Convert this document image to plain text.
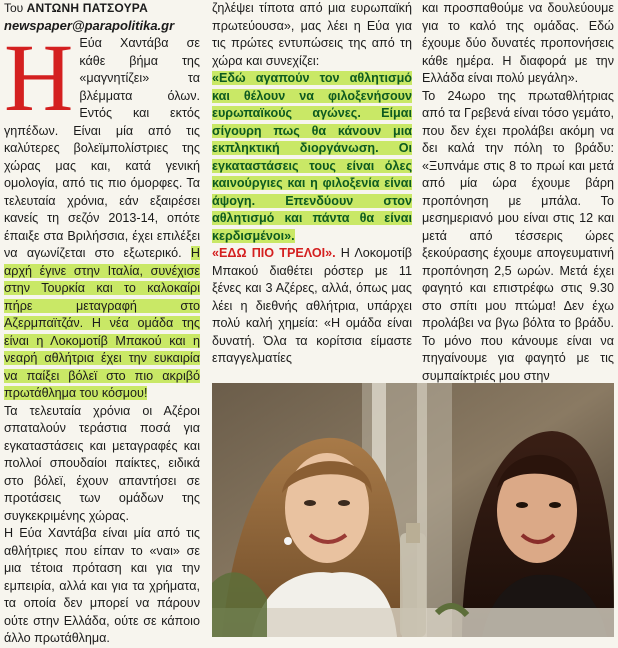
Του ΑΝΤΩΝΗ ΠΑΤΣΟΥΡΑ

newspaper@parapolitika.gr

Η Εύα Χαντάβα σε κάθε βήμα της «μαγνητίζει» τα βλέμματα όλων. Εντός και εκτός γηπέδων. Είναι μία από τις καλύτερες βολεϊμπολίστριες της χώρας μας και, κατά γενική ομολογία, από τις πιο όμορφες. Τα τελευταία χρόνια, εάν εξαιρέσει κανείς τη σεζόν 2013-14, οπότε έπαιξε στα Βριλήσσια, έχει επιλέξει να αγωνίζεται στο εξωτερικό. Η αρχή έγινε στην Ιταλία, συνέχισε στην Τουρκία και το καλοκαίρι πήρε μεταγραφή στο Αζερμπαϊτζάν. Η νέα ομάδα της είναι η Λοκομοτίβ Μπακού και η νεαρή αθλήτρια έχει την ευκαιρία να παίξει βόλεϊ στο πιο ακριβό πρωτάθλημα του κόσμου!

Τα τελευταία χρόνια οι Αζέροι σπαταλούν τεράστια ποσά για εγκαταστάσεις και μεταγραφές και πολλοί σπουδαίοι παίκτες, ειδικά στο βόλεϊ, έχουν απαντήσει σε προτάσεις των ομάδων της συγκεκριμένης χώρας.

Η Εύα Χαντάβα είναι μία από τις αθλήτριες που είπαν το «ναι» σε μια τέτοια πρόταση και για την εμπειρία, αλλά και για τα χρήματα, τα οποία δεν μπορεί να πάρουν ούτε στην Ελλάδα, ούτε σε κάποιο άλλο πρωτάθλημα.

ζηλέψει τίποτα από μια ευρωπαϊκή πρωτεύουσα», μας λέει η Εύα για τις πρώτες εντυπώσεις της από τη χώρα και συνεχίζει:

«Εδώ αγαπούν τον αθλητισμό και θέλουν να φιλοξενήσουν ευρωπαϊκούς αγώνες. Είμαι σίγουρη πως θα κάνουν μια εκπληκτική διοργάνωση. Οι εγκαταστάσεις τους είναι όλες καινούργιες και η φιλοξενία είναι άψογη. Επενδύουν στον αθλητισμό και πάντα θα είναι κερδισμένοι».

«ΕΔΩ ΠΙΟ ΤΡΕΛΟΙ». Η Λοκομοτίβ Μπακού διαθέτει ρόστερ με 11 ξένες και 3 Αζέρες, αλλά, όπως μας λέει η διεθνής αθλήτρια, υπάρχει πολύ καλή χημεία: «Η ομάδα είναι δυνατή. Όλα τα κορίτσια είμαστε επαγγελματίες

και προσπαθούμε να δουλεύουμε για το καλό της ομάδας. Εδώ έχουμε δύο δυνατές προπονήσεις κάθε ημέρα. Η διαφορά με την Ελλάδα είναι πολύ μεγάλη».

Το 24ωρο της πρωταθλήτριας από τα Γρεβενά είναι τόσο γεμάτο, που δεν έχει προλάβει ακόμη να δει καλά την πόλη το βράδυ: «Ξυπνάμε στις 8 το πρωί και μετά από μία ώρα έχουμε βάρη προπόνηση με μπάλα. Το μεσημεριανό μου είναι στις 12 και μετά από τέσσερις ώρες ξεκούρασης έχουμε απογευματινή προπόνηση 2,5 ωρών. Μετά έχει φαγητό και επιστρέφω στις 9.30 στο σπίτι μου πτώμα! Δεν έχω προλάβει να βγω βόλτα το βράδυ. Το μόνο που κάνουμε είναι να πηγαίνουμε για φαγητό με τις συμπαίκτριές μου στην
